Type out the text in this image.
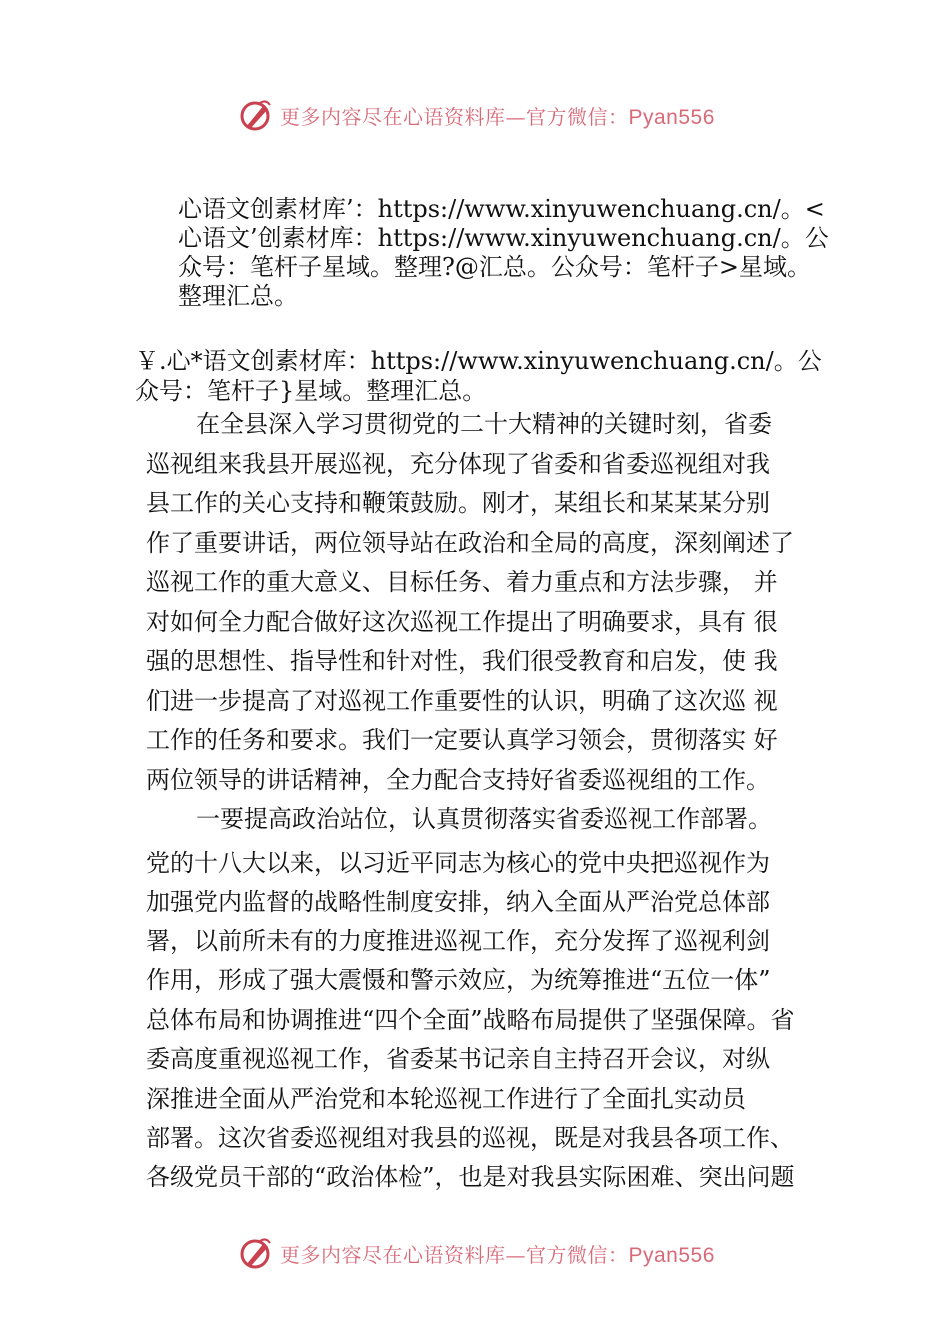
更多内容尽在心语资料库—官方微信：Pyan556
心语文创素材库’：https://www.xinyuwenchuang.cn/。<
心语文’创素材库：https://www.xinyuwenchuang.cn/。公
众号：笔杆子星域。整理?@汇总。公众号：笔杆子>星域。
整理汇总。
￥.心*语文创素材库：https://www.xinyuwenchuang.cn/。公
众号：笔杆子}星域。整理汇总。
在全县深入学习贯彻党的二十大精神的关键时刻，省委
巡视组来我县开展巡视，充分体现了省委和省委巡视组对我
县工作的关心支持和鞭策鼓励。刚才，某组长和某某某分别
作了重要讲话，两位领导站在政治和全局的高度，深刻阐述了
巡视工作的重大意义、目标任务、着力重点和方法步骤， 并
对如何全力配合做好这次巡视工作提出了明确要求，具有 很
强的思想性、指导性和针对性，我们很受教育和启发，使 我
们进一步提高了对巡视工作重要性的认识，明确了这次巡 视
工作的任务和要求。我们一定要认真学习领会，贯彻落实 好
两位领导的讲话精神，全力配合支持好省委巡视组的工作。
一要提高政治站位，认真贯彻落实省委巡视工作部署。
党的十八大以来，以习近平同志为核心的党中央把巡视作为
加强党内监督的战略性制度安排，纳入全面从严治党总体部
署，以前所未有的力度推进巡视工作，充分发挥了巡视利剑
作用，形成了强大震慑和警示效应，为统筹推进“五位一体”
总体布局和协调推进“四个全面”战略布局提供了坚强保障。省
委高度重视巡视工作，省委某书记亲自主持召开会议，对纵
深推进全面从严治党和本轮巡视工作进行了全面扎实动员
部署。这次省委巡视组对我县的巡视，既是对我县各项工作、
各级党员干部的“政治体检”，也是对我县实际困难、突出问题
更多内容尽在心语资料库—官方微信：Pyan556
